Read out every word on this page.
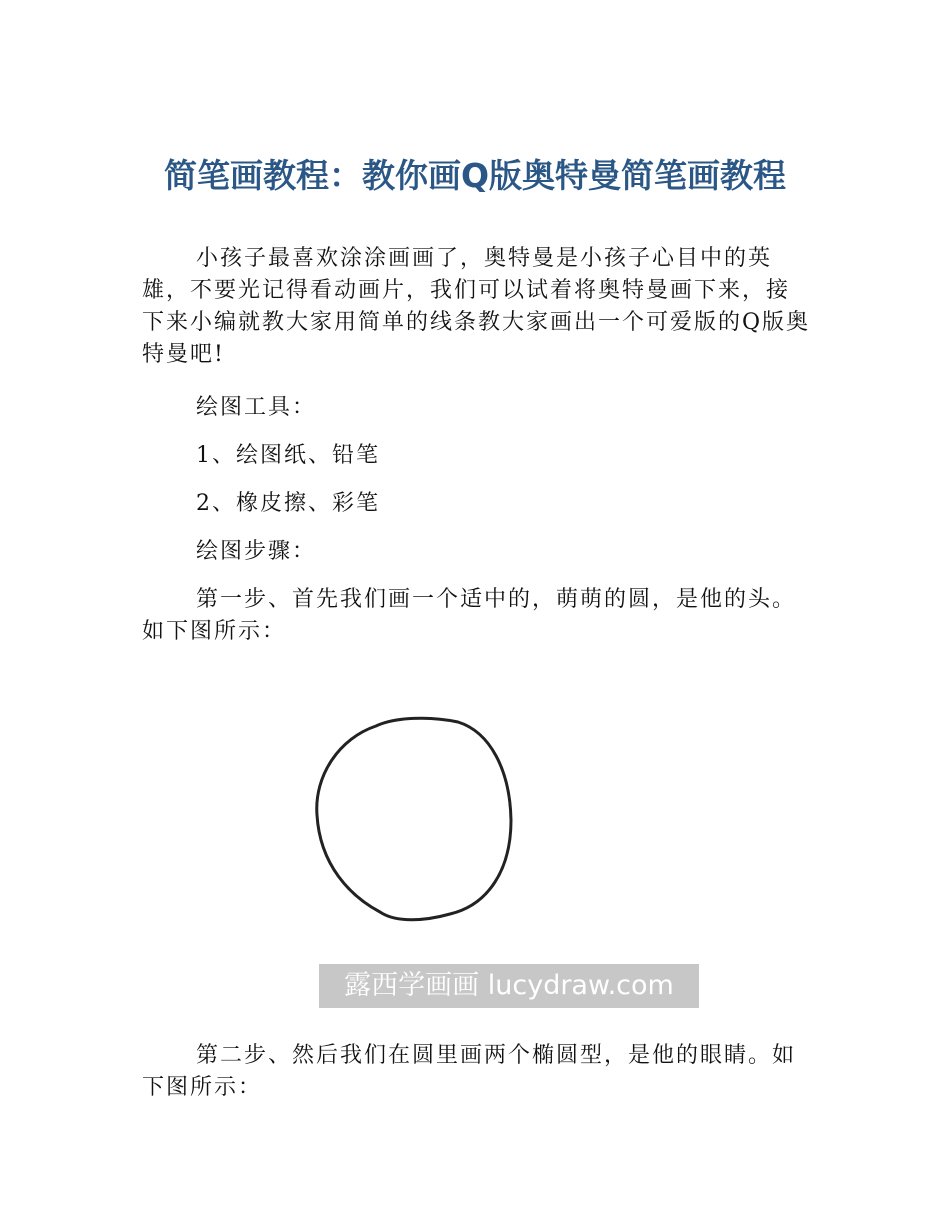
简笔画教程：教你画Q版奥特曼简笔画教程

小孩子最喜欢涂涂画画了，奥特曼是小孩子心目中的英雄，不要光记得看动画片，我们可以试着将奥特曼画下来，接下来小编就教大家用简单的线条教大家画出一个可爱版的Q版奥特曼吧!

绘图工具：

1、绘图纸、铅笔

2、橡皮擦、彩笔

绘图步骤：

第一步、首先我们画一个适中的，萌萌的圆，是他的头。如下图所示：

露西学画画 lucydraw.com

第二步、然后我们在圆里画两个椭圆型，是他的眼睛。如下图所示：
